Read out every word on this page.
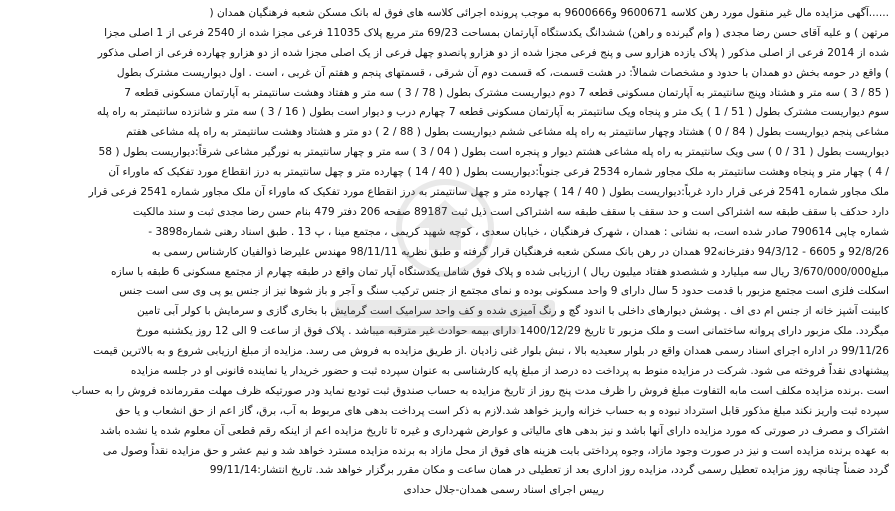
......آگهی مزایده مال غیر منقول مورد رهن کلاسه 9600671 و9600666 به موجب پرونده اجرائی کلاسه های فوق له بانک مسکن شعبه فرهنگیان همدان (
مرتهن ) و علیه آقای حسن رضا مجدی ( وام گیرنده و راهن) ششدانگ یکدستگاه آپارتمان بمساحت 69/23 متر مربع پلاک 11035 فرعی مجزا شده از 2540 فرعی از 1 اصلی مجزا
شده از 2014 فرعی از اصلی مذکور ( پلاک یازده هزارو سی و پنج فرعی مجزا شده از دو هزارو پانصدو چهل فرعی از یک اصلی مجزا شده از دو هزارو چهارده فرعی از اصلی مذکور
) واقع در حومه بخش دو همدان با حدود و مشخصات شمالاً: در هشت قسمت، که قسمت دوم آن شرقی ، قسمتهای پنجم و هفتم آن غربی ، است . اول دیواریست مشترک بطول
( 85 / 3 ) سه متر و هشتاد وپنج سانتیمتر به آپارتمان مسکونی قطعه 7 دوم دیواریست مشترک بطول ( 78 / 3 ) سه متر و هفتاد وهشت سانتیمتر به آپارتمان مسکونی قطعه 7
سوم دیواریست مشترک بطول ( 51 / 1 ) یک متر و پنجاه ویک سانتیمتر به آپارتمان مسکونی قطعه 7 چهارم درب و دیوار است بطول ( 16 / 3 ) سه متر و شانزده سانتیمتر به راه پله
مشاعی پنجم دیواریست بطول ( 84 / 0 ) هشتاد وچهار سانتیمتر به راه پله مشاعی ششم دیواریست بطول ( 88 / 2 ) دو متر و هشتاد وهشت سانتیمتر به راه پله مشاعی هفتم
دیواریست بطول ( 31 / 0 ) سی ویک سانتیمتر به راه پله مشاعی هشتم دیوار و پنجره است بطول ( 04 / 3 ) سه متر و چهار سانتیمتر به نورگیر مشاعی شرقاً:دیواریست بطول ( 58
/ 4 ) چهار متر و پنجاه وهشت سانتیمتر به ملک مجاور شماره 2534 فرعی جنوباً:دیواریست بطول ( 40 / 14 ) چهارده متر و چهل سانتیمتر به درز انقطاع مورد تفکیک که ماوراء آن
ملک مجاور شماره 2541 فرعی قرار دارد غرباً:دیواریست بطول ( 40 / 14 ) چهارده متر و چهل سانتیمتر به درز انقطاع مورد تفکیک که ماوراء آن ملک مجاور شماره 2541 فرعی قرار
دارد حدکف با سقف طبقه سه اشتراکی است و حد سقف با سقف طبقه سه اشتراکی است ذیل ثبت 89187 صفحه 206 دفتر 479 بنام حسن رضا مجدی ثبت و سند مالکیت
شماره چاپی 790614 صادر شده است، به نشانی : همدان ، شهرک فرهنگیان ، خیابان سعدی ، کوچه شهید کریمی ، مجتمع مینا ، پ 13 . طبق اسناد رهنی شماره3898 -
92/8/26 و 6605 - 94/3/12 دفترخانه92 همدان در رهن بانک مسکن شعبه فرهنگیان قرار گرفته و طبق نظریه 98/11/11 مهندس علیرضا ذوالفیان کارشناس رسمی به
مبلغ3/670/000/000 ریال سه میلیارد و ششصدو هفتاد میلیون ریال ) ارزیابی شده و پلاک فوق شامل یکدستگاه آپار تمان واقع در طبقه چهارم از مجتمع مسکونی 6 طبقه با سازه
اسکلت فلزی است مجتمع مزبور با قدمت حدود 5 سال دارای 9 واحد مسکونی بوده و نمای مجتمع از جنس ترکیب سنگ و آجر و باز شوها نیز از جنس یو پی وی سی است جنس
کابینت آشپز خانه از جنس ام دی اف . پوشش دیوارهای داخلی با اندود گچ و رنگ آمیزی شده و کف واحد سرامیک است گرمایش با بخاری گازی و سرمایش با کولر آبی تامین
میگردد. ملک مزبور دارای پروانه ساختمانی است و ملک مزبور تا تاریخ 1400/12/29 دارای بیمه حوادث غیر مترقبه میباشد . پلاک فوق از ساعت 9 الی 12 روز یکشنبه مورخ
99/11/26 در اداره اجرای اسناد رسمی همدان واقع در بلوار سعیدیه بالا ، نبش بلوار غنی زادیان .از طریق مزایده به فروش می رسد. مزایده از مبلغ ارزیابی شروع و به بالاترین قیمت
پیشنهادی نقداً فروخته می شود. شرکت در مزایده منوط به پرداخت ده درصد از مبلغ پایه کارشناسی به عنوان سپرده ثبت و حضور خریدار یا نماینده قانونی او در جلسه مزایده
است .برنده مزایده مکلف است مابه التفاوت مبلغ فروش را ظرف مدت پنج روز از تاریخ مزایده به حساب صندوق ثبت تودیع نماید ودر صورتیکه ظرف مهلت مقررمانده فروش را به حساب
سپرده ثبت واریز نکند مبلغ مذکور قابل استرداد نبوده و به حساب خزانه واریز خواهد شد.لازم به ذکر است پرداخت بدهی های مربوط به آب، برق، گاز اعم از حق انشعاب و یا حق
اشتراک و مصرف در صورتی که مورد مزایده دارای آنها باشد و نیز بدهی های مالیاتی و عوارض شهرداری و غیره تا تاریخ مزایده اعم از اینکه رقم قطعی آن معلوم شده یا نشده باشد
به عهده برنده مزایده است و نیز در صورت وجود مازاد، وجوه پرداختی بابت هزینه های فوق از محل مازاد به برنده مزایده مسترد خواهد شد و نیم عشر و حق مزایده نقداً وصول می
گردد ضمناً چنانچه روز مزایده تعطیل رسمی گردد، مزایده روز اداری بعد از تعطیلی در همان ساعت و مکان مقرر برگزار خواهد شد. تاریخ انتشار:99/11/14
رییس اجرای اسناد رسمی همدان-جلال حدادی
